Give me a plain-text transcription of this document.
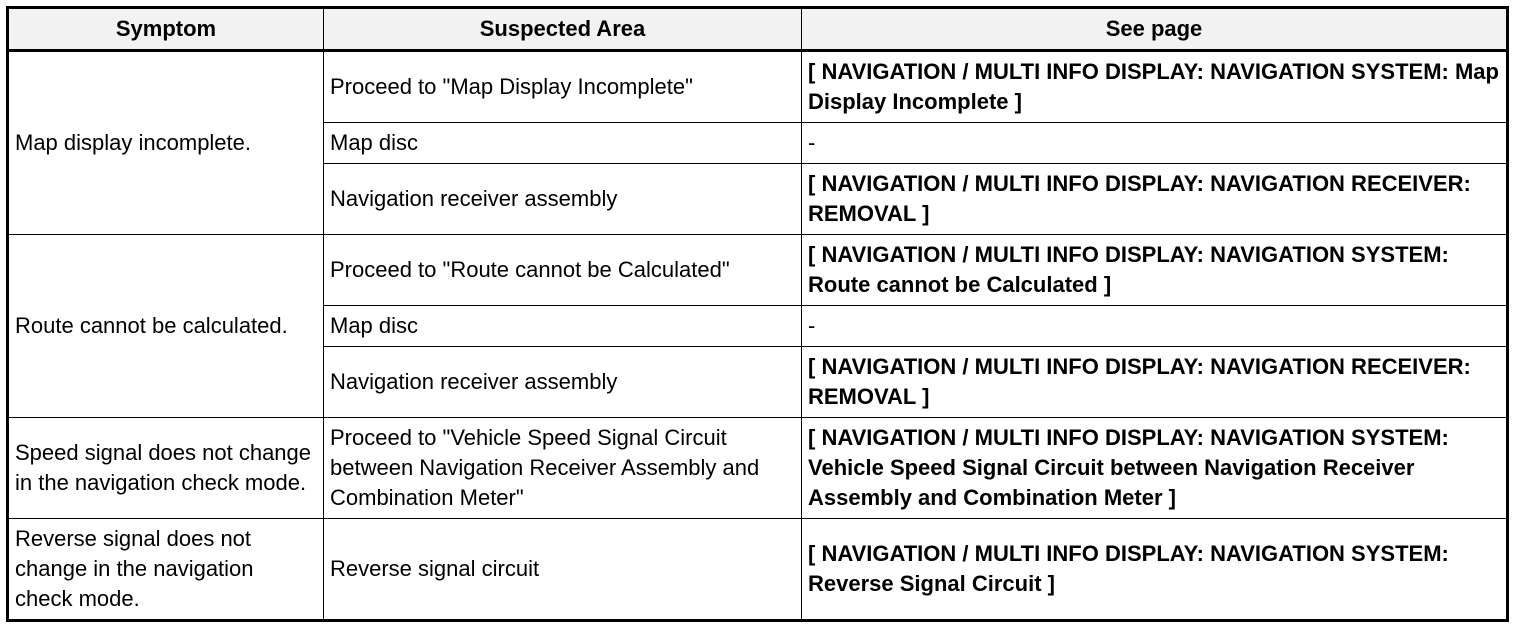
Symptom	Suspected Area	See page
Map display incomplete.	Proceed to "Map Display Incomplete"	[ NAVIGATION / MULTI INFO DISPLAY: NAVIGATION SYSTEM: Map Display Incomplete ]
	Map disc	-
	Navigation receiver assembly	[ NAVIGATION / MULTI INFO DISPLAY: NAVIGATION RECEIVER: REMOVAL ]
Route cannot be calculated.	Proceed to "Route cannot be Calculated"	[ NAVIGATION / MULTI INFO DISPLAY: NAVIGATION SYSTEM: Route cannot be Calculated ]
	Map disc	-
	Navigation receiver assembly	[ NAVIGATION / MULTI INFO DISPLAY: NAVIGATION RECEIVER: REMOVAL ]
Speed signal does not change in the navigation check mode.	Proceed to "Vehicle Speed Signal Circuit between Navigation Receiver Assembly and Combination Meter"	[ NAVIGATION / MULTI INFO DISPLAY: NAVIGATION SYSTEM: Vehicle Speed Signal Circuit between Navigation Receiver Assembly and Combination Meter ]
Reverse signal does not change in the navigation check mode.	Reverse signal circuit	[ NAVIGATION / MULTI INFO DISPLAY: NAVIGATION SYSTEM: Reverse Signal Circuit ]
